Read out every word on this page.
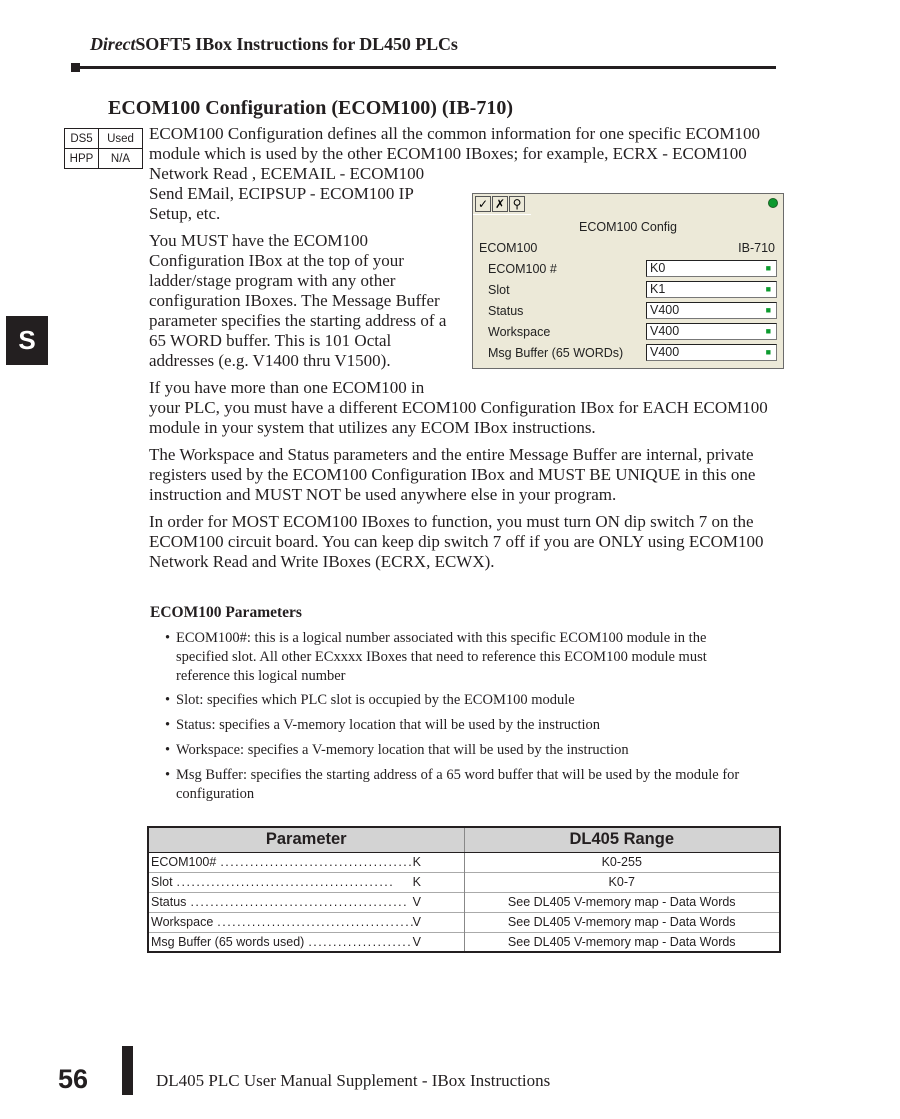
DirectSOFT5 IBox Instructions for DL450 PLCs
ECOM100 Configuration (ECOM100) (IB-710)
DS5	Used
HPP	N/A
S
ECOM100 Configuration defines all the common information for one specific ECOM100
module which is used by the other ECOM100 IBoxes; for example, ECRX - ECOM100
Network Read , ECEMAIL - ECOM100
Send EMail, ECIPSUP - ECOM100 IP
Setup, etc.
You MUST have the ECOM100
Configuration IBox at the top of your
ladder/stage program with any other
configuration IBoxes. The Message Buffer
parameter specifies the starting address of a
65 WORD buffer. This is 101 Octal
addresses (e.g. V1400 thru V1500).
If you have more than one ECOM100 in
your PLC, you must have a different ECOM100 Configuration IBox for EACH ECOM100
module in your system that utilizes any ECOM IBox instructions.
The Workspace and Status parameters and the entire Message Buffer are internal, private
registers used by the ECOM100 Configuration IBox and MUST BE UNIQUE in this one
instruction and MUST NOT be used anywhere else in your program.
In order for MOST ECOM100 IBoxes to function, you must turn ON dip switch 7 on the
ECOM100 circuit board. You can keep dip switch 7 off if you are ONLY using ECOM100
Network Read and Write IBoxes (ECRX, ECWX).
✓ ✗ ⚲
ECOM100 Config
ECOM100	IB-710
ECOM100 #	K0	■
Slot	K1	■
Status	V400	■
Workspace	V400	■
Msg Buffer (65 WORDs)	V400	■
ECOM100 Parameters
• ECOM100#: this is a logical number associated with this specific ECOM100 module in the
specified slot. All other ECxxxx IBoxes that need to reference this ECOM100 module must
reference this logical number
• Slot: specifies which PLC slot is occupied by the ECOM100 module
• Status: specifies a V-memory location that will be used by the instruction
• Workspace: specifies a V-memory location that will be used by the instruction
• Msg Buffer: specifies the starting address of a 65 word buffer that will be used by the module for
configuration
Parameter	DL405 Range

ECOM100# . . . K	K0-255

Slot . . . K	K0-7

Status . . . V	See DL405 V-memory map - Data Words

Workspace . . . V	See DL405 V-memory map - Data Words

Msg Buffer (65 words used) . . . V	See DL405 V-memory map - Data Words
56	DL405 PLC User Manual Supplement - IBox Instructions
